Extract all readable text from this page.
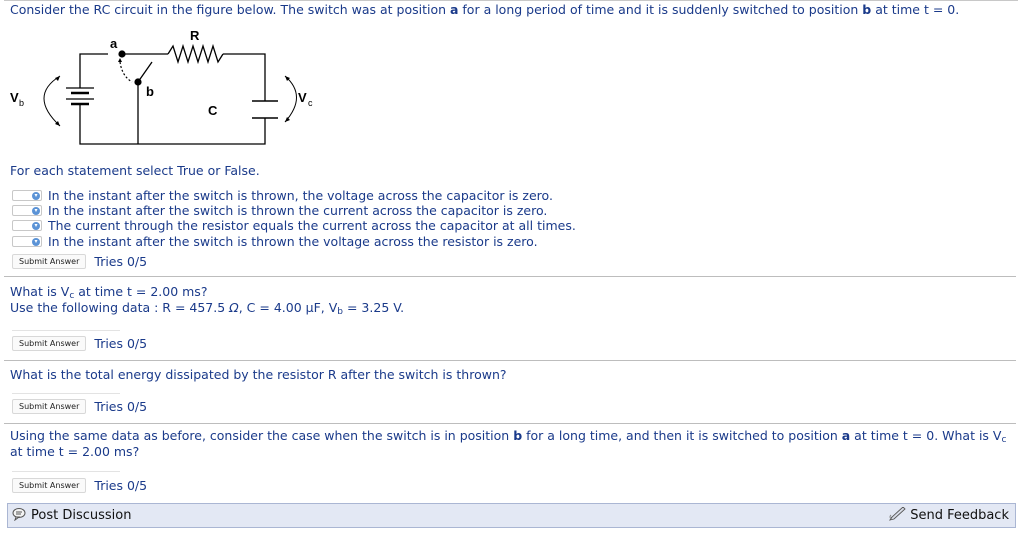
Consider the RC circuit in the figure below. The switch was at position a for a long period of time and it is suddenly switched to position b at time t = 0.
a
b
R
C
V b	V c
For each statement select True or False.
▾ In the instant after the switch is thrown, the voltage across the capacitor is zero.
▾ In the instant after the switch is thrown the current across the capacitor is zero.
▾ The current through the resistor equals the current across the capacitor at all times.
▾ In the instant after the switch is thrown the voltage across the resistor is zero.
Submit Answer	Tries 0/5
What is $V_c$ at time t = 2.00 ms?
Use the following data : R = 457.5 Ω, C = 4.00 μF, $V_b = 3.25$ V.
Submit Answer	Tries 0/5
What is the total energy dissipated by the resistor R after the switch is thrown?
Submit Answer	Tries 0/5
Using the same data as before, consider the case when the switch is in position b for a long time, and then it is switched to position a at time t = 0. What is $V_c$ at time t = 2.00 ms?
Submit Answer	Tries 0/5
Post Discussion	Send Feedback
